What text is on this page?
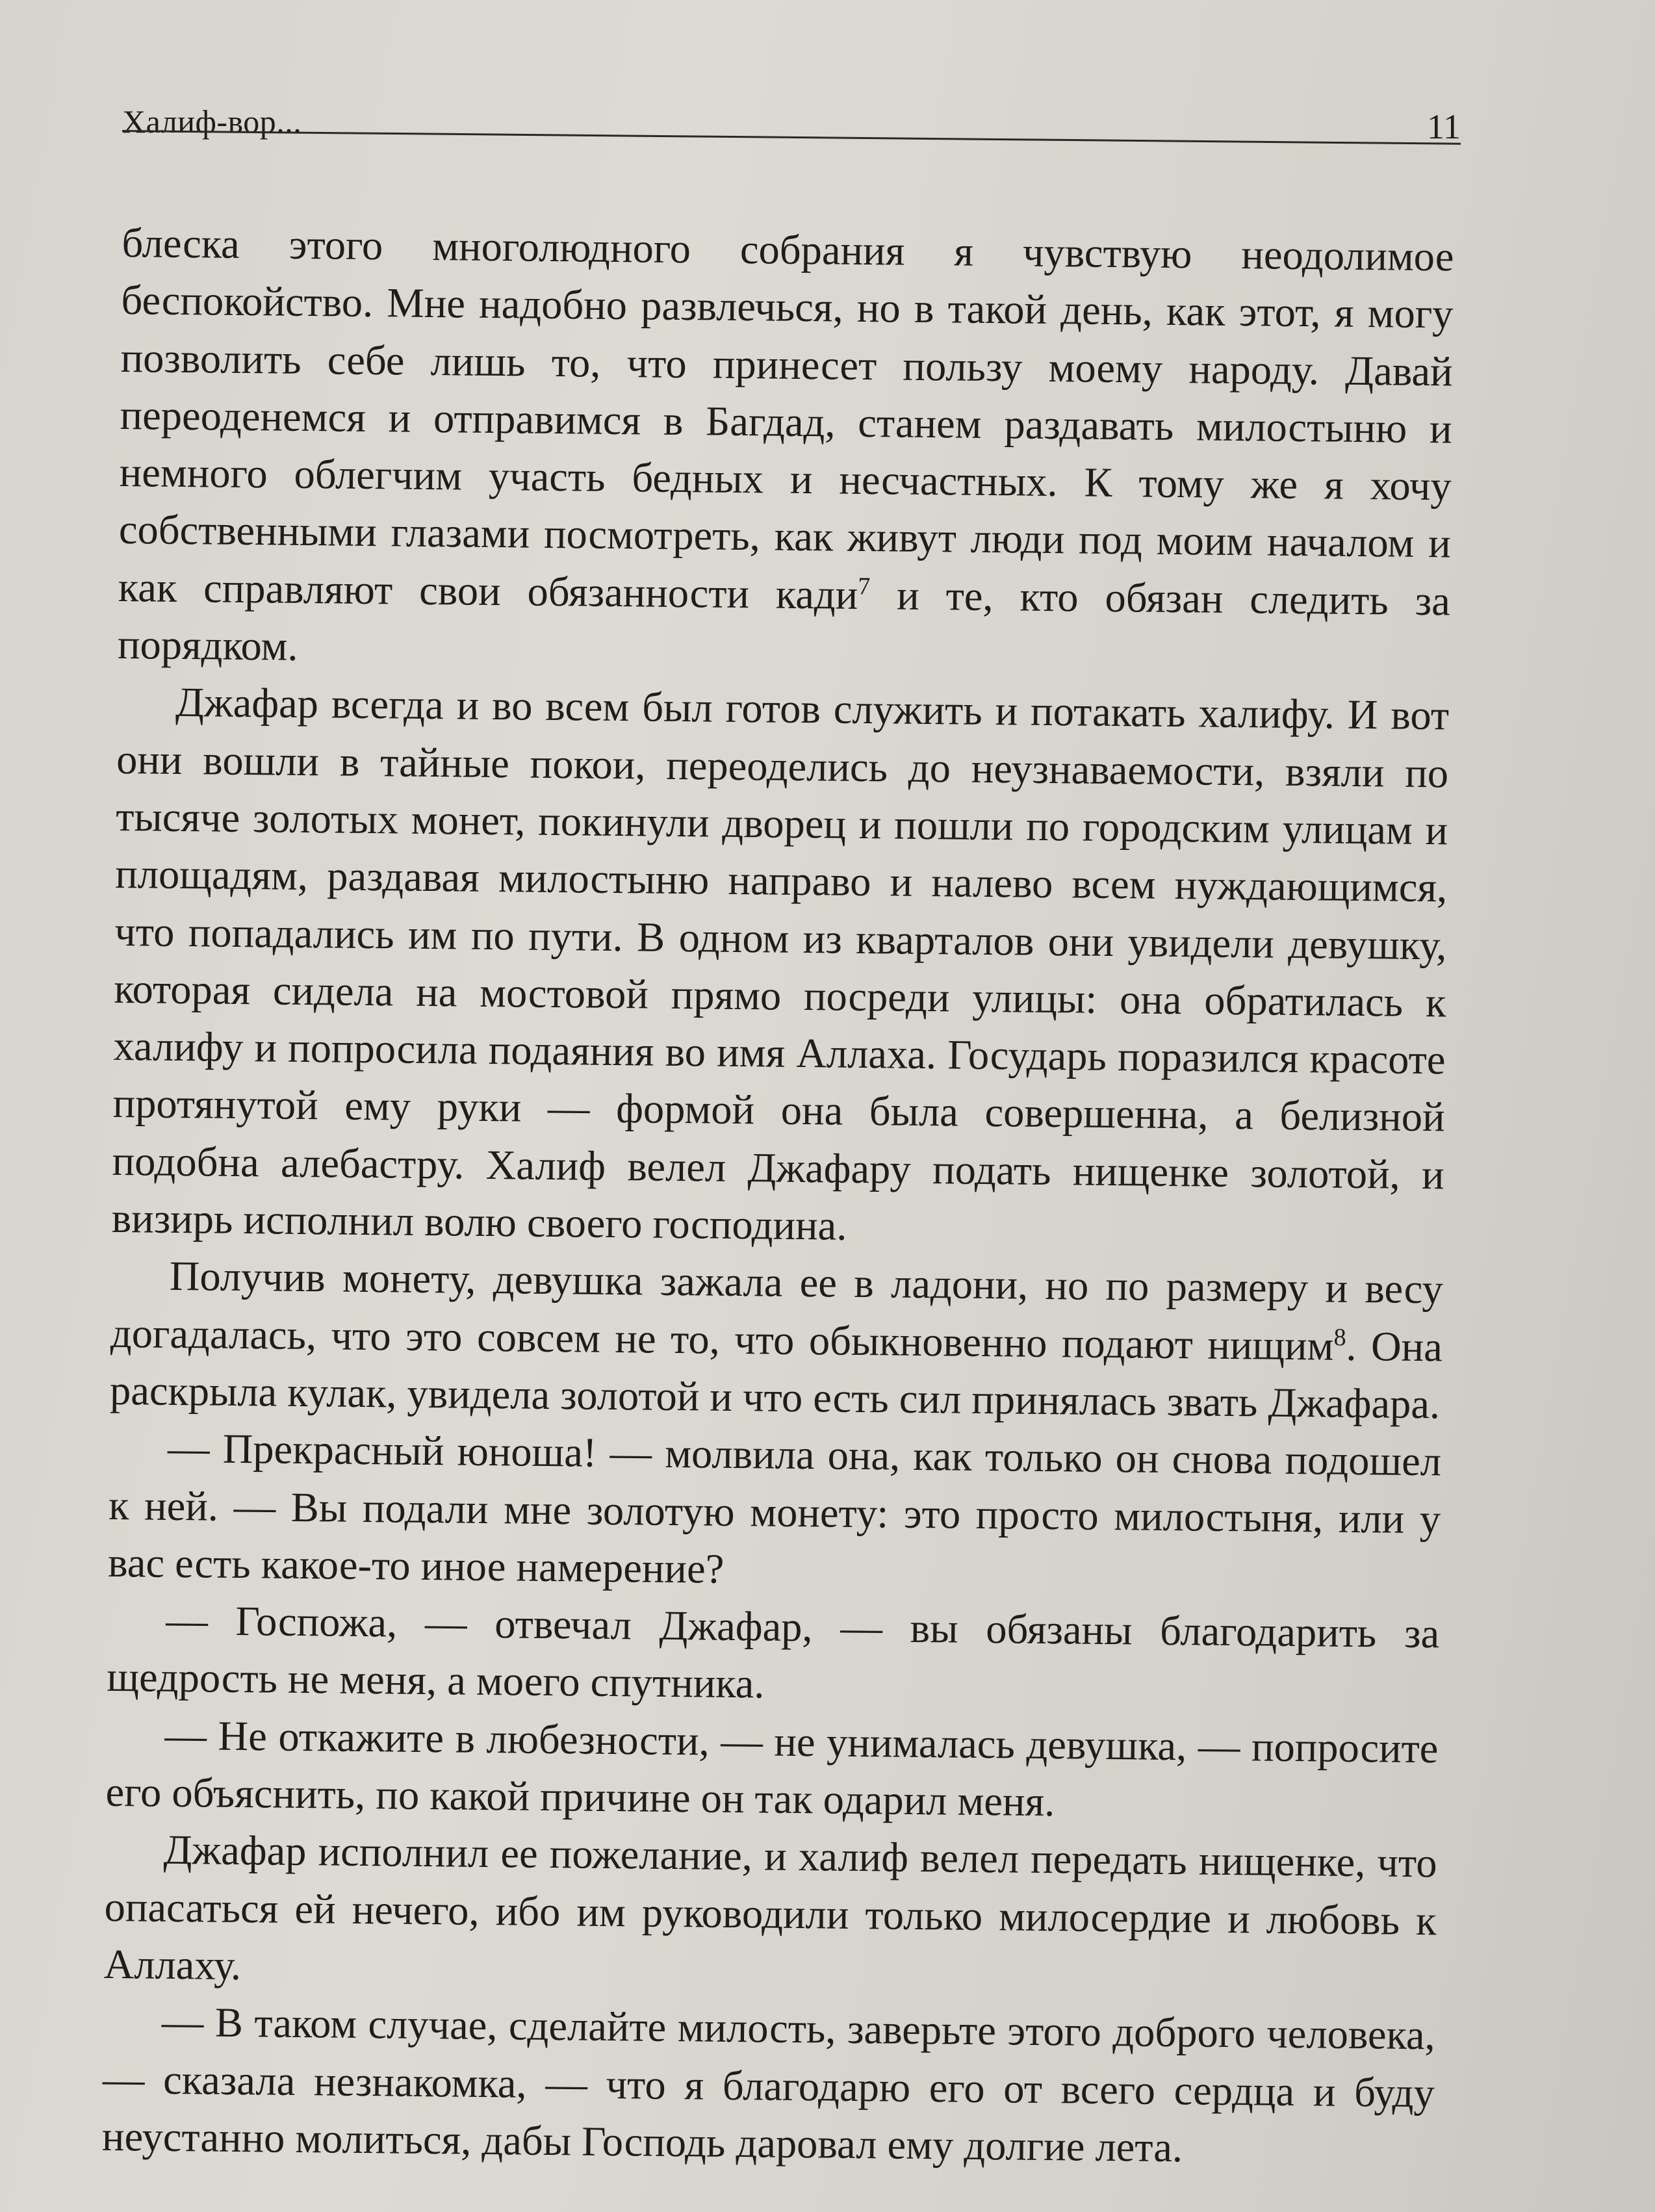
Халиф-вор...	11

блеска этого многолюдного собрания я чувствую неодолимое беспокойство. Мне надобно развлечься, но в такой день, как этот, я могу позволить себе лишь то, что принесет пользу моему народу. Давай переоденемся и отправимся в Багдад, станем раздавать милостыню и немного облегчим участь бедных и несчастных. К тому же я хочу собственными глазами посмотреть, как живут люди под моим началом и как справляют свои обязанности кади$^7$ и те, кто обязан следить за порядком.

Джафар всегда и во всем был готов служить и потакать халифу. И вот они вошли в тайные покои, переоделись до неузнаваемости, взяли по тысяче золотых монет, покинули дворец и пошли по городским улицам и площадям, раздавая милостыню направо и налево всем нуждающимся, что попадались им по пути. В одном из кварталов они увидели девушку, которая сидела на мостовой прямо посреди улицы: она обратилась к халифу и попросила подаяния во имя Аллаха. Государь поразился красоте протянутой ему руки — формой она была совершенна, а белизной подобна алебастру. Халиф велел Джафару подать нищенке золотой, и визирь исполнил волю своего господина.

Получив монету, девушка зажала ее в ладони, но по размеру и весу догадалась, что это совсем не то, что обыкновенно подают нищим$^8$. Она раскрыла кулак, увидела золотой и что есть сил принялась звать Джафара.

— Прекрасный юноша! — молвила она, как только он снова подошел к ней. — Вы подали мне золотую монету: это просто милостыня, или у вас есть какое-то иное намерение?

— Госпожа, — отвечал Джафар, — вы обязаны благодарить за щедрость не меня, а моего спутника.

— Не откажите в любезности, — не унималась девушка, — попросите его объяснить, по какой причине он так одарил меня.

Джафар исполнил ее пожелание, и халиф велел передать нищенке, что опасаться ей нечего, ибо им руководили только милосердие и любовь к Аллаху.

— В таком случае, сделайте милость, заверьте этого доброго человека, — сказала незнакомка, — что я благодарю его от всего сердца и буду неустанно молиться, дабы Господь даровал ему долгие лета.
